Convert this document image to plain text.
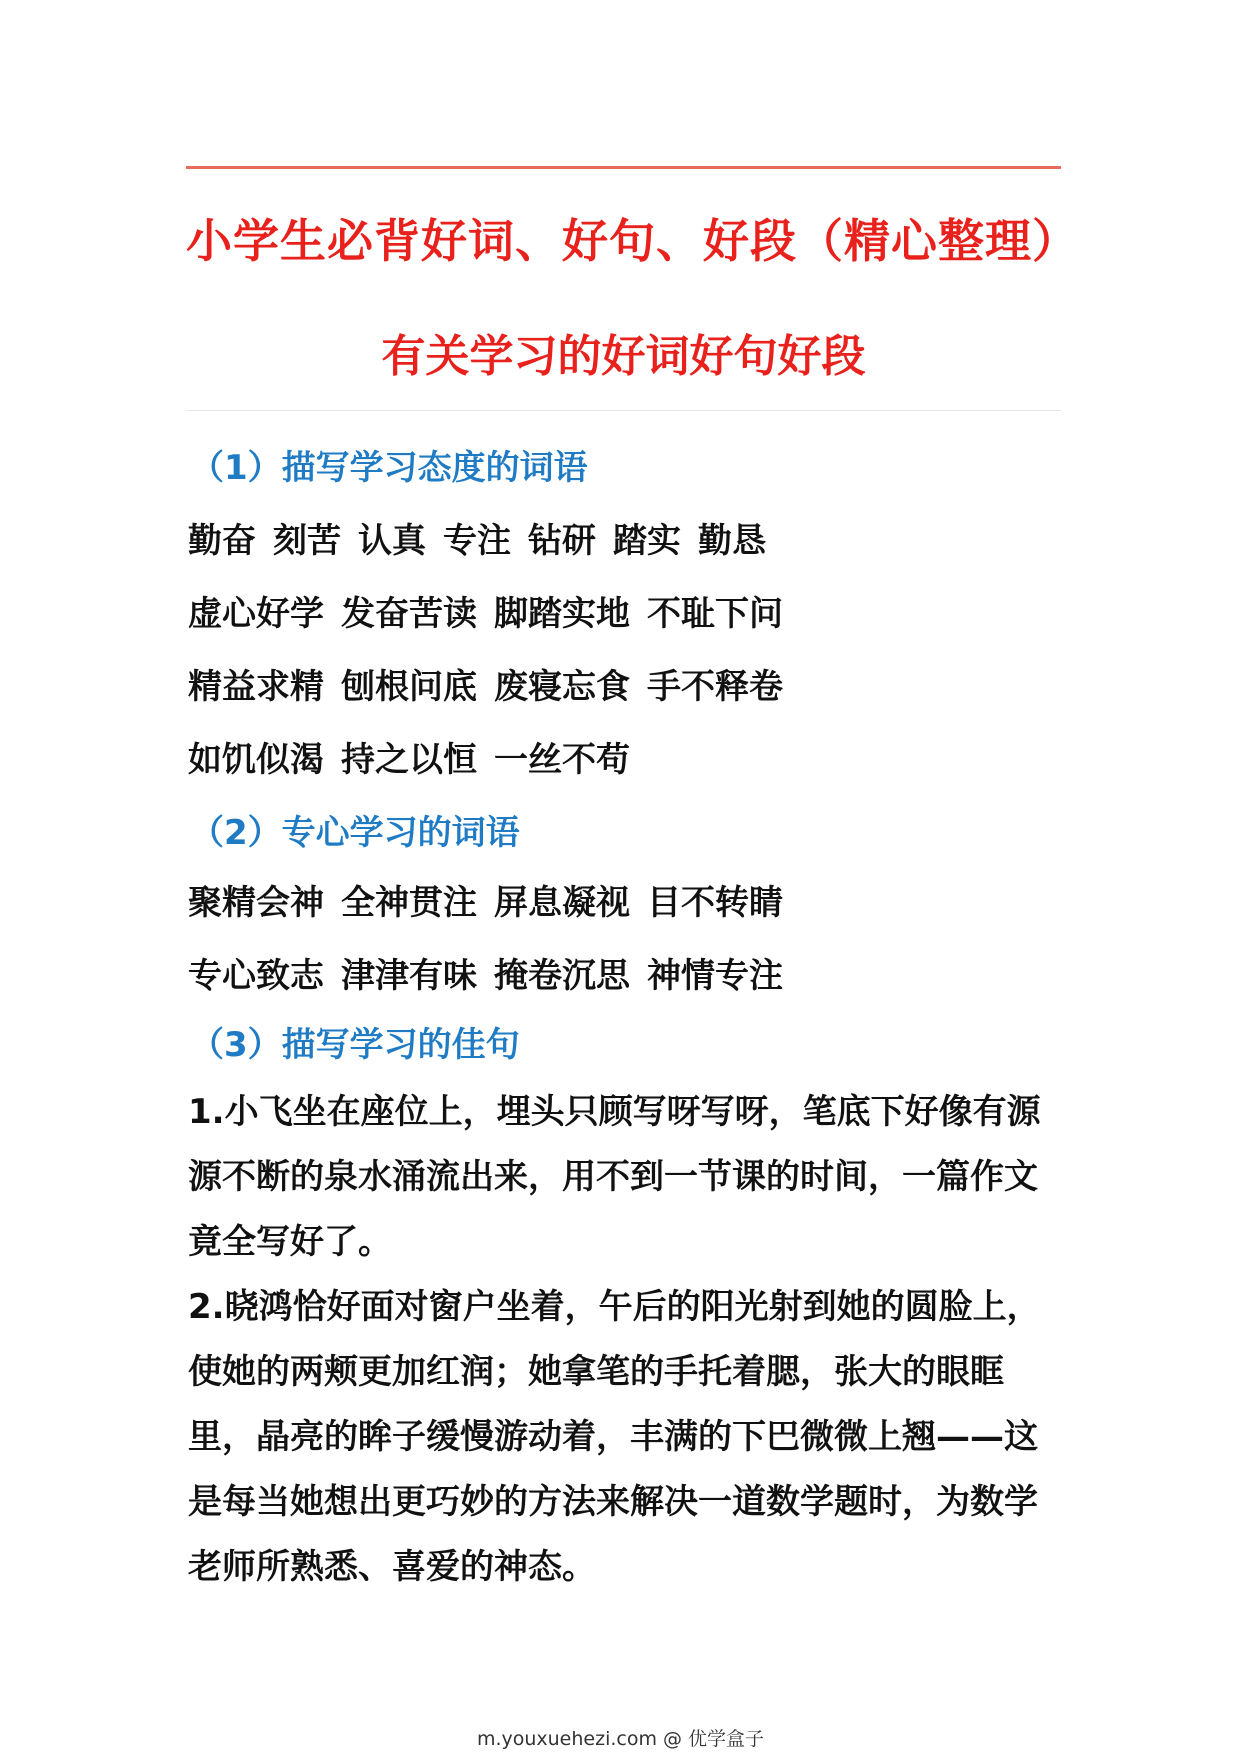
小学生必背好词、好句、好段（精心整理）
有关学习的好词好句好段
（1）描写学习态度的词语
勤奋 刻苦 认真 专注 钻研 踏实 勤恳
虚心好学 发奋苦读 脚踏实地 不耻下问
精益求精 刨根问底 废寝忘食 手不释卷
如饥似渴 持之以恒 一丝不苟
（2）专心学习的词语
聚精会神 全神贯注 屏息凝视 目不转睛
专心致志 津津有味 掩卷沉思 神情专注
（3）描写学习的佳句

1.小飞坐在座位上，埋头只顾写呀写呀，笔底下好像有源源不断的泉水涌流出来，用不到一节课的时间，一篇作文竟全写好了。

2.晓鸿恰好面对窗户坐着，午后的阳光射到她的圆脸上，使她的两颊更加红润；她拿笔的手托着腮，张大的眼眶里，晶亮的眸子缓慢游动着，丰满的下巴微微上翘——这是每当她想出更巧妙的方法来解决一道数学题时，为数学老师所熟悉、喜爱的神态。

m.youxuehezi.com @ 优学盒子
